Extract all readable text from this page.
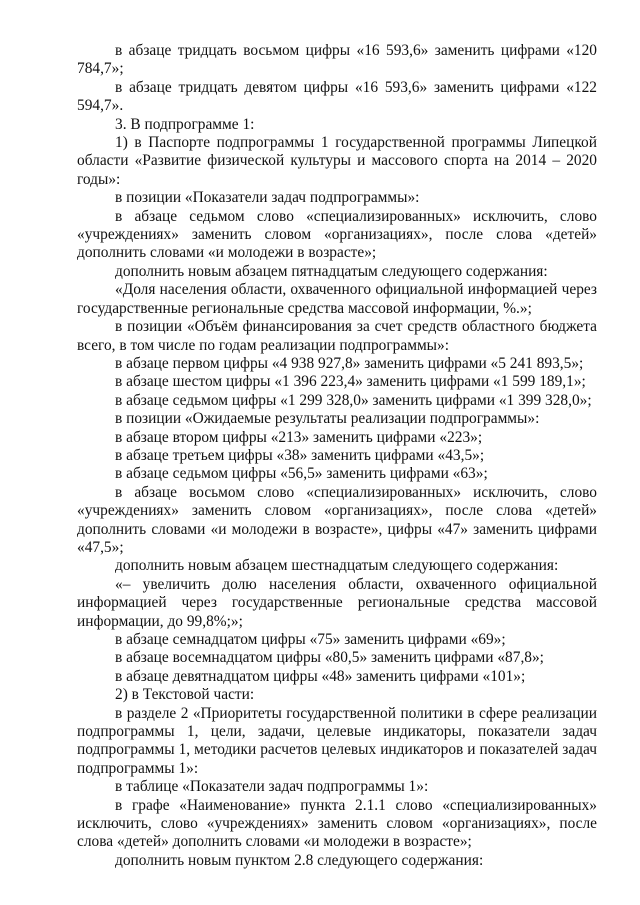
в абзаце тридцать восьмом цифры «16 593,6» заменить цифрами «120 784,7»;

в абзаце тридцать девятом цифры «16 593,6» заменить цифрами «122 594,7».

3. В подпрограмме 1:

1) в Паспорте подпрограммы 1 государственной программы Липецкой области «Развитие физической культуры и массового спорта на 2014 – 2020 годы»:

в позиции «Показатели задач подпрограммы»:

в абзаце седьмом слово «специализированных» исключить, слово «учреждениях» заменить словом «организациях», после слова «детей» дополнить словами «и молодежи в возрасте»;

дополнить новым абзацем пятнадцатым следующего содержания:

«Доля населения области, охваченного официальной информацией через государственные региональные средства массовой информации, %.»;

в позиции «Объём финансирования за счет средств областного бюджета всего, в том числе по годам реализации подпрограммы»:

в абзаце первом цифры «4 938 927,8» заменить цифрами «5 241 893,5»;

в абзаце шестом цифры «1 396 223,4» заменить цифрами «1 599 189,1»;

в абзаце седьмом цифры «1 299 328,0» заменить цифрами «1 399 328,0»;

в позиции «Ожидаемые результаты реализации подпрограммы»:

в абзаце втором цифры «213» заменить цифрами «223»;

в абзаце третьем цифры «38» заменить цифрами «43,5»;

в абзаце седьмом цифры «56,5» заменить цифрами «63»;

в абзаце восьмом слово «специализированных» исключить, слово «учреждениях» заменить словом «организациях», после слова «детей» дополнить словами «и молодежи в возрасте», цифры «47» заменить цифрами «47,5»;

дополнить новым абзацем шестнадцатым следующего содержания:

«– увеличить долю населения области, охваченного официальной информацией через государственные региональные средства массовой информации, до 99,8%;»;

в абзаце семнадцатом цифры «75» заменить цифрами «69»;

в абзаце восемнадцатом цифры «80,5» заменить цифрами «87,8»;

в абзаце девятнадцатом цифры «48» заменить цифрами «101»;

2) в Текстовой части:

в разделе 2 «Приоритеты государственной политики в сфере реализации подпрограммы 1, цели, задачи, целевые индикаторы, показатели задач подпрограммы 1, методики расчетов целевых индикаторов и показателей задач подпрограммы 1»:

в таблице «Показатели задач подпрограммы 1»:

в графе «Наименование» пункта 2.1.1 слово «специализированных» исключить, слово «учреждениях» заменить словом «организациях», после слова «детей» дополнить словами «и молодежи в возрасте»;

дополнить новым пунктом 2.8 следующего содержания:
